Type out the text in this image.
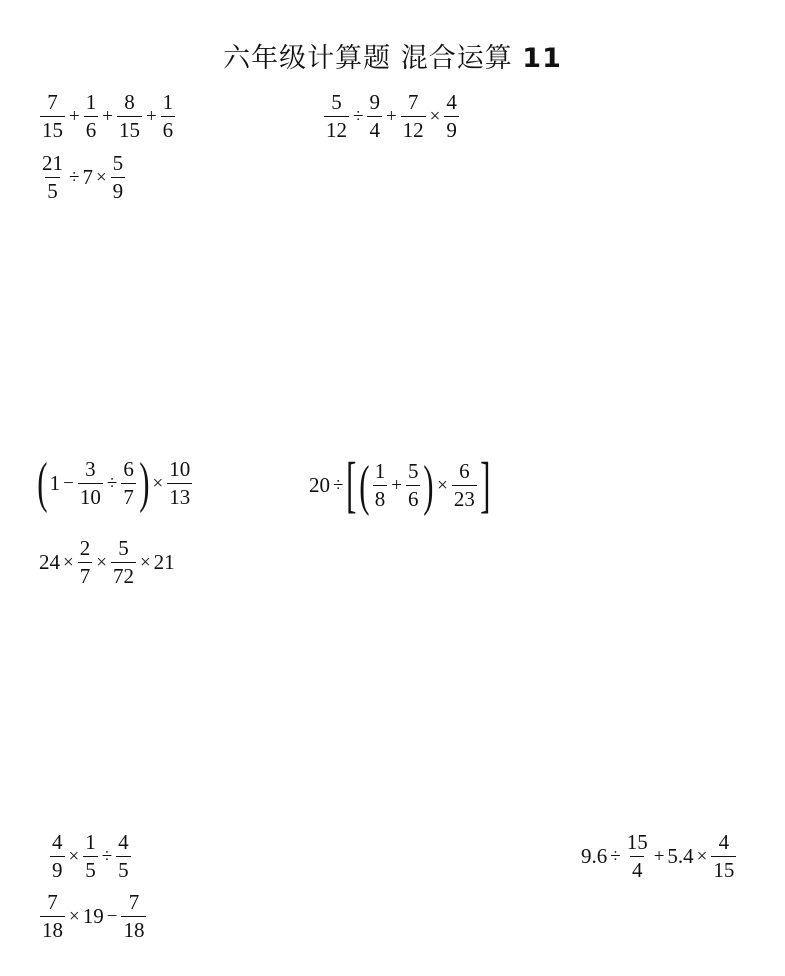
六年级计算题 混合运算 11
$\frac{7}{15} + \frac{1}{6} + \frac{8}{15} + \frac{1}{6}$	$\frac{5}{12} \div \frac{9}{4} + \frac{7}{12} \times \frac{4}{9}$
$\frac{21}{5} \div 7 \times \frac{5}{9}$
( $1 - \frac{3}{10} \div \frac{6}{7}$ ) × $\frac{10}{13}$	20 ÷ [ ( $\frac{1}{8} + \frac{5}{6}$ ) × $\frac{6}{23}$ ]
$24 \times \frac{2}{7} \times \frac{5}{72} \times 21$
$\frac{4}{9} \times \frac{1}{5} \div \frac{4}{5}$	$9.6 \div \frac{15}{4} + 5.4 \times \frac{4}{15}$
$\frac{7}{18} \times 19 - \frac{7}{18}$
